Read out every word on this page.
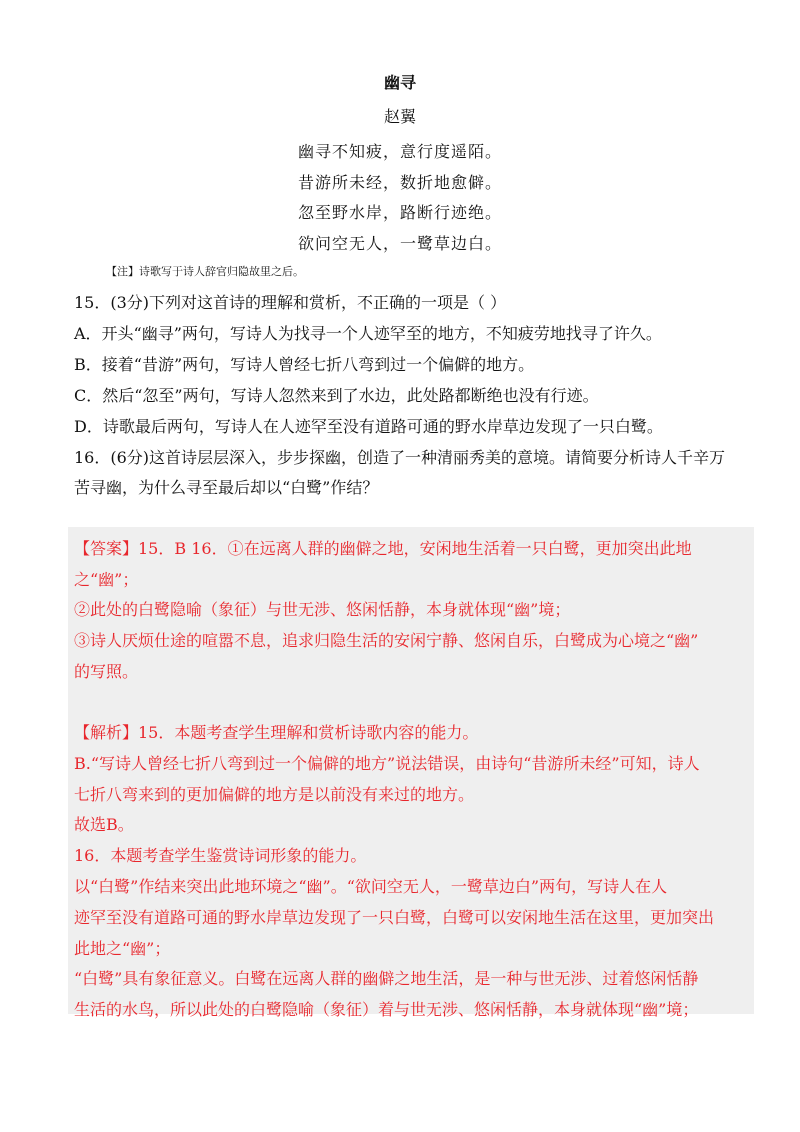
幽寻
赵翼
幽寻不知疲，意行度遥陌。
昔游所未经，数折地愈僻。
忽至野水岸，路断行迹绝。
欲问空无人，一鹭草边白。
【注】诗歌写于诗人辞官归隐故里之后。
15．(3分)下列对这首诗的理解和赏析，不正确的一项是（ ）
A．开头“幽寻”两句，写诗人为找寻一个人迹罕至的地方，不知疲劳地找寻了许久。
B．接着“昔游”两句，写诗人曾经七折八弯到过一个偏僻的地方。
C．然后“忽至”两句，写诗人忽然来到了水边，此处路都断绝也没有行迹。
D．诗歌最后两句，写诗人在人迹罕至没有道路可通的野水岸草边发现了一只白鹭。
16．(6分)这首诗层层深入，步步探幽，创造了一种清丽秀美的意境。请简要分析诗人千辛万
苦寻幽，为什么寻至最后却以“白鹭”作结？
【答案】15．B 16．①在远离人群的幽僻之地，安闲地生活着一只白鹭，更加突出此地
之“幽”；
②此处的白鹭隐喻（象征）与世无涉、悠闲恬静，本身就体现“幽”境；
③诗人厌烦仕途的喧嚣不息，追求归隐生活的安闲宁静、悠闲自乐，白鹭成为心境之“幽”
的写照。
【解析】15．本题考查学生理解和赏析诗歌内容的能力。
B.“写诗人曾经七折八弯到过一个偏僻的地方”说法错误，由诗句“昔游所未经”可知，诗人
七折八弯来到的更加偏僻的地方是以前没有来过的地方。
故选B。
16．本题考查学生鉴赏诗词形象的能力。
以“白鹭”作结来突出此地环境之“幽”。“欲问空无人，一鹭草边白”两句，写诗人在人
迹罕至没有道路可通的野水岸草边发现了一只白鹭，白鹭可以安闲地生活在这里，更加突出
此地之“幽”；
“白鹭”具有象征意义。白鹭在远离人群的幽僻之地生活，是一种与世无涉、过着悠闲恬静
生活的水鸟，所以此处的白鹭隐喻（象征）着与世无涉、悠闲恬静，本身就体现“幽”境；
